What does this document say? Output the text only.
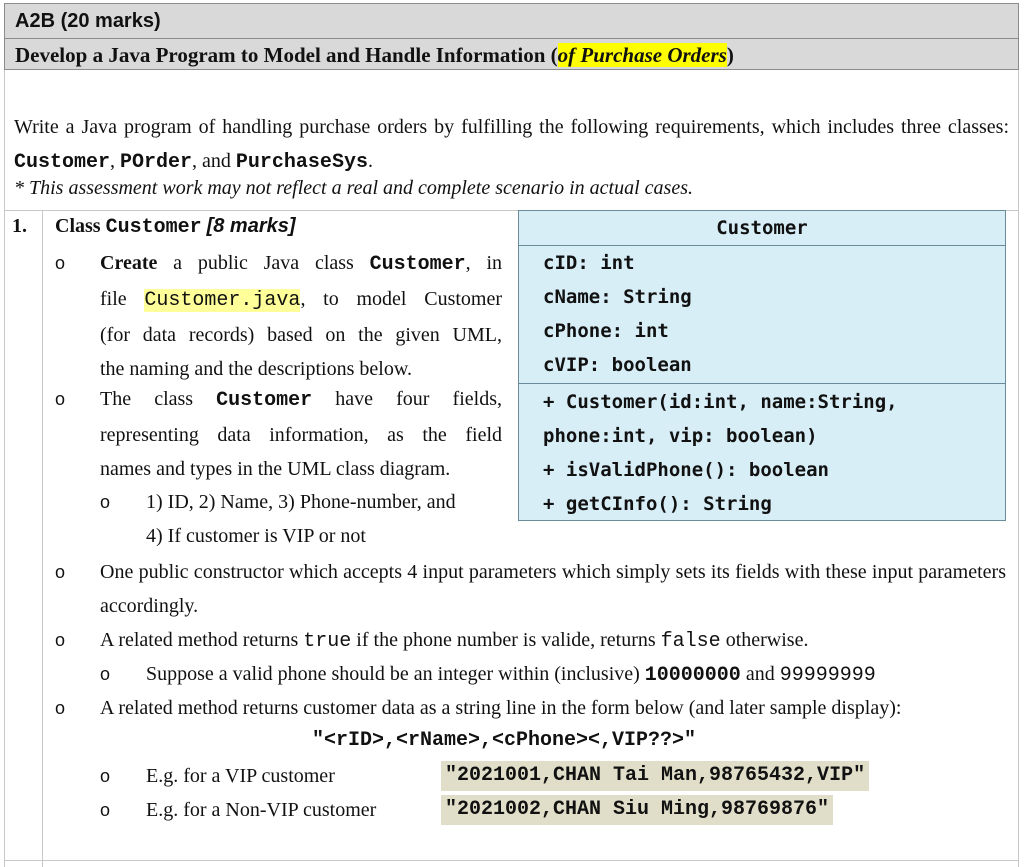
A2B (20 marks)
Develop a Java Program to Model and Handle Information (of Purchase Orders)
Write a Java program of handling purchase orders by fulfilling the following requirements, which includes three classes: Customer, POrder, and PurchaseSys.
* This assessment work may not reflect a real and complete scenario in actual cases.
1. Class Customer [8 marks]
o Create a public Java class Customer, in
file Customer.java, to model Customer
(for data records) based on the given UML,
the naming and the descriptions below.
o The class Customer have four fields,
representing data information, as the field
names and types in the UML class diagram.
o 1) ID, 2) Name, 3) Phone-number, and
4) If customer is VIP or not
Customer
cID: int
cName: String
cPhone: int
cVIP: boolean
+ Customer(id:int, name:String,
phone:int, vip: boolean)
+ isValidPhone(): boolean
+ getCInfo(): String
o One public constructor which accepts 4 input parameters which simply sets its fields with these input parameters accordingly.
o A related method returns true if the phone number is valide, returns false otherwise.
o Suppose a valid phone should be an integer within (inclusive) 10000000 and 99999999
o A related method returns customer data as a string line in the form below (and later sample display):
"<rID>,<rName>,<cPhone><,VIP??>"
o E.g. for a VIP customer	"2021001,CHAN Tai Man,98765432,VIP"
o E.g. for a Non-VIP customer	"2021002,CHAN Siu Ming,98769876"
